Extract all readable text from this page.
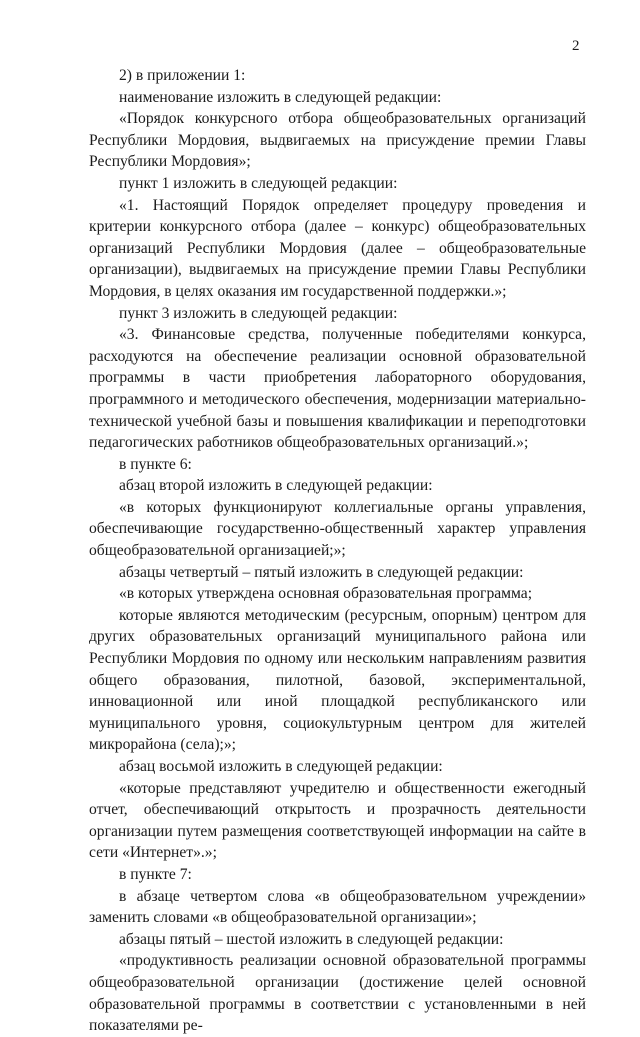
2

2) в приложении 1:

наименование изложить в следующей редакции:

«Порядок конкурсного отбора общеобразовательных организаций Республики Мордовия, выдвигаемых на присуждение премии Главы Республики Мордовия»;

пункт 1 изложить в следующей редакции:

«1. Настоящий Порядок определяет процедуру проведения и критерии конкурсного отбора (далее – конкурс) общеобразовательных организаций Республики Мордовия (далее – общеобразовательные организации), выдвигаемых на присуждение премии Главы Республики Мордовия, в целях оказания им государственной поддержки.»;

пункт 3 изложить в следующей редакции:

«3. Финансовые средства, полученные победителями конкурса, расходуются на обеспечение реализации основной образовательной программы в части приобретения лабораторного оборудования, программного и методического обеспечения, модернизации материально-технической учебной базы и повышения квалификации и переподготовки педагогических работников общеобразовательных организаций.»;

в пункте 6:

абзац второй изложить в следующей редакции:

«в которых функционируют коллегиальные органы управления, обеспечивающие государственно-общественный характер управления общеобразовательной организацией;»;

абзацы четвертый – пятый изложить в следующей редакции:

«в которых утверждена основная образовательная программа;

которые являются методическим (ресурсным, опорным) центром для других образовательных организаций муниципального района или Республики Мордовия по одному или нескольким направлениям развития общего образования, пилотной, базовой, экспериментальной, инновационной или иной площадкой республиканского или муниципального уровня, социокультурным центром для жителей микрорайона (села);»;

абзац восьмой изложить в следующей редакции:

«которые представляют учредителю и общественности ежегодный отчет, обеспечивающий открытость и прозрачность деятельности организации путем размещения соответствующей информации на сайте в сети «Интернет».»;

в пункте 7:

в абзаце четвертом слова «в общеобразовательном учреждении» заменить словами «в общеобразовательной организации»;

абзацы пятый – шестой изложить в следующей редакции:

«продуктивность реализации основной образовательной программы общеобразовательной организации (достижение целей основной образовательной программы в соответствии с установленными в ней показателями ре-
